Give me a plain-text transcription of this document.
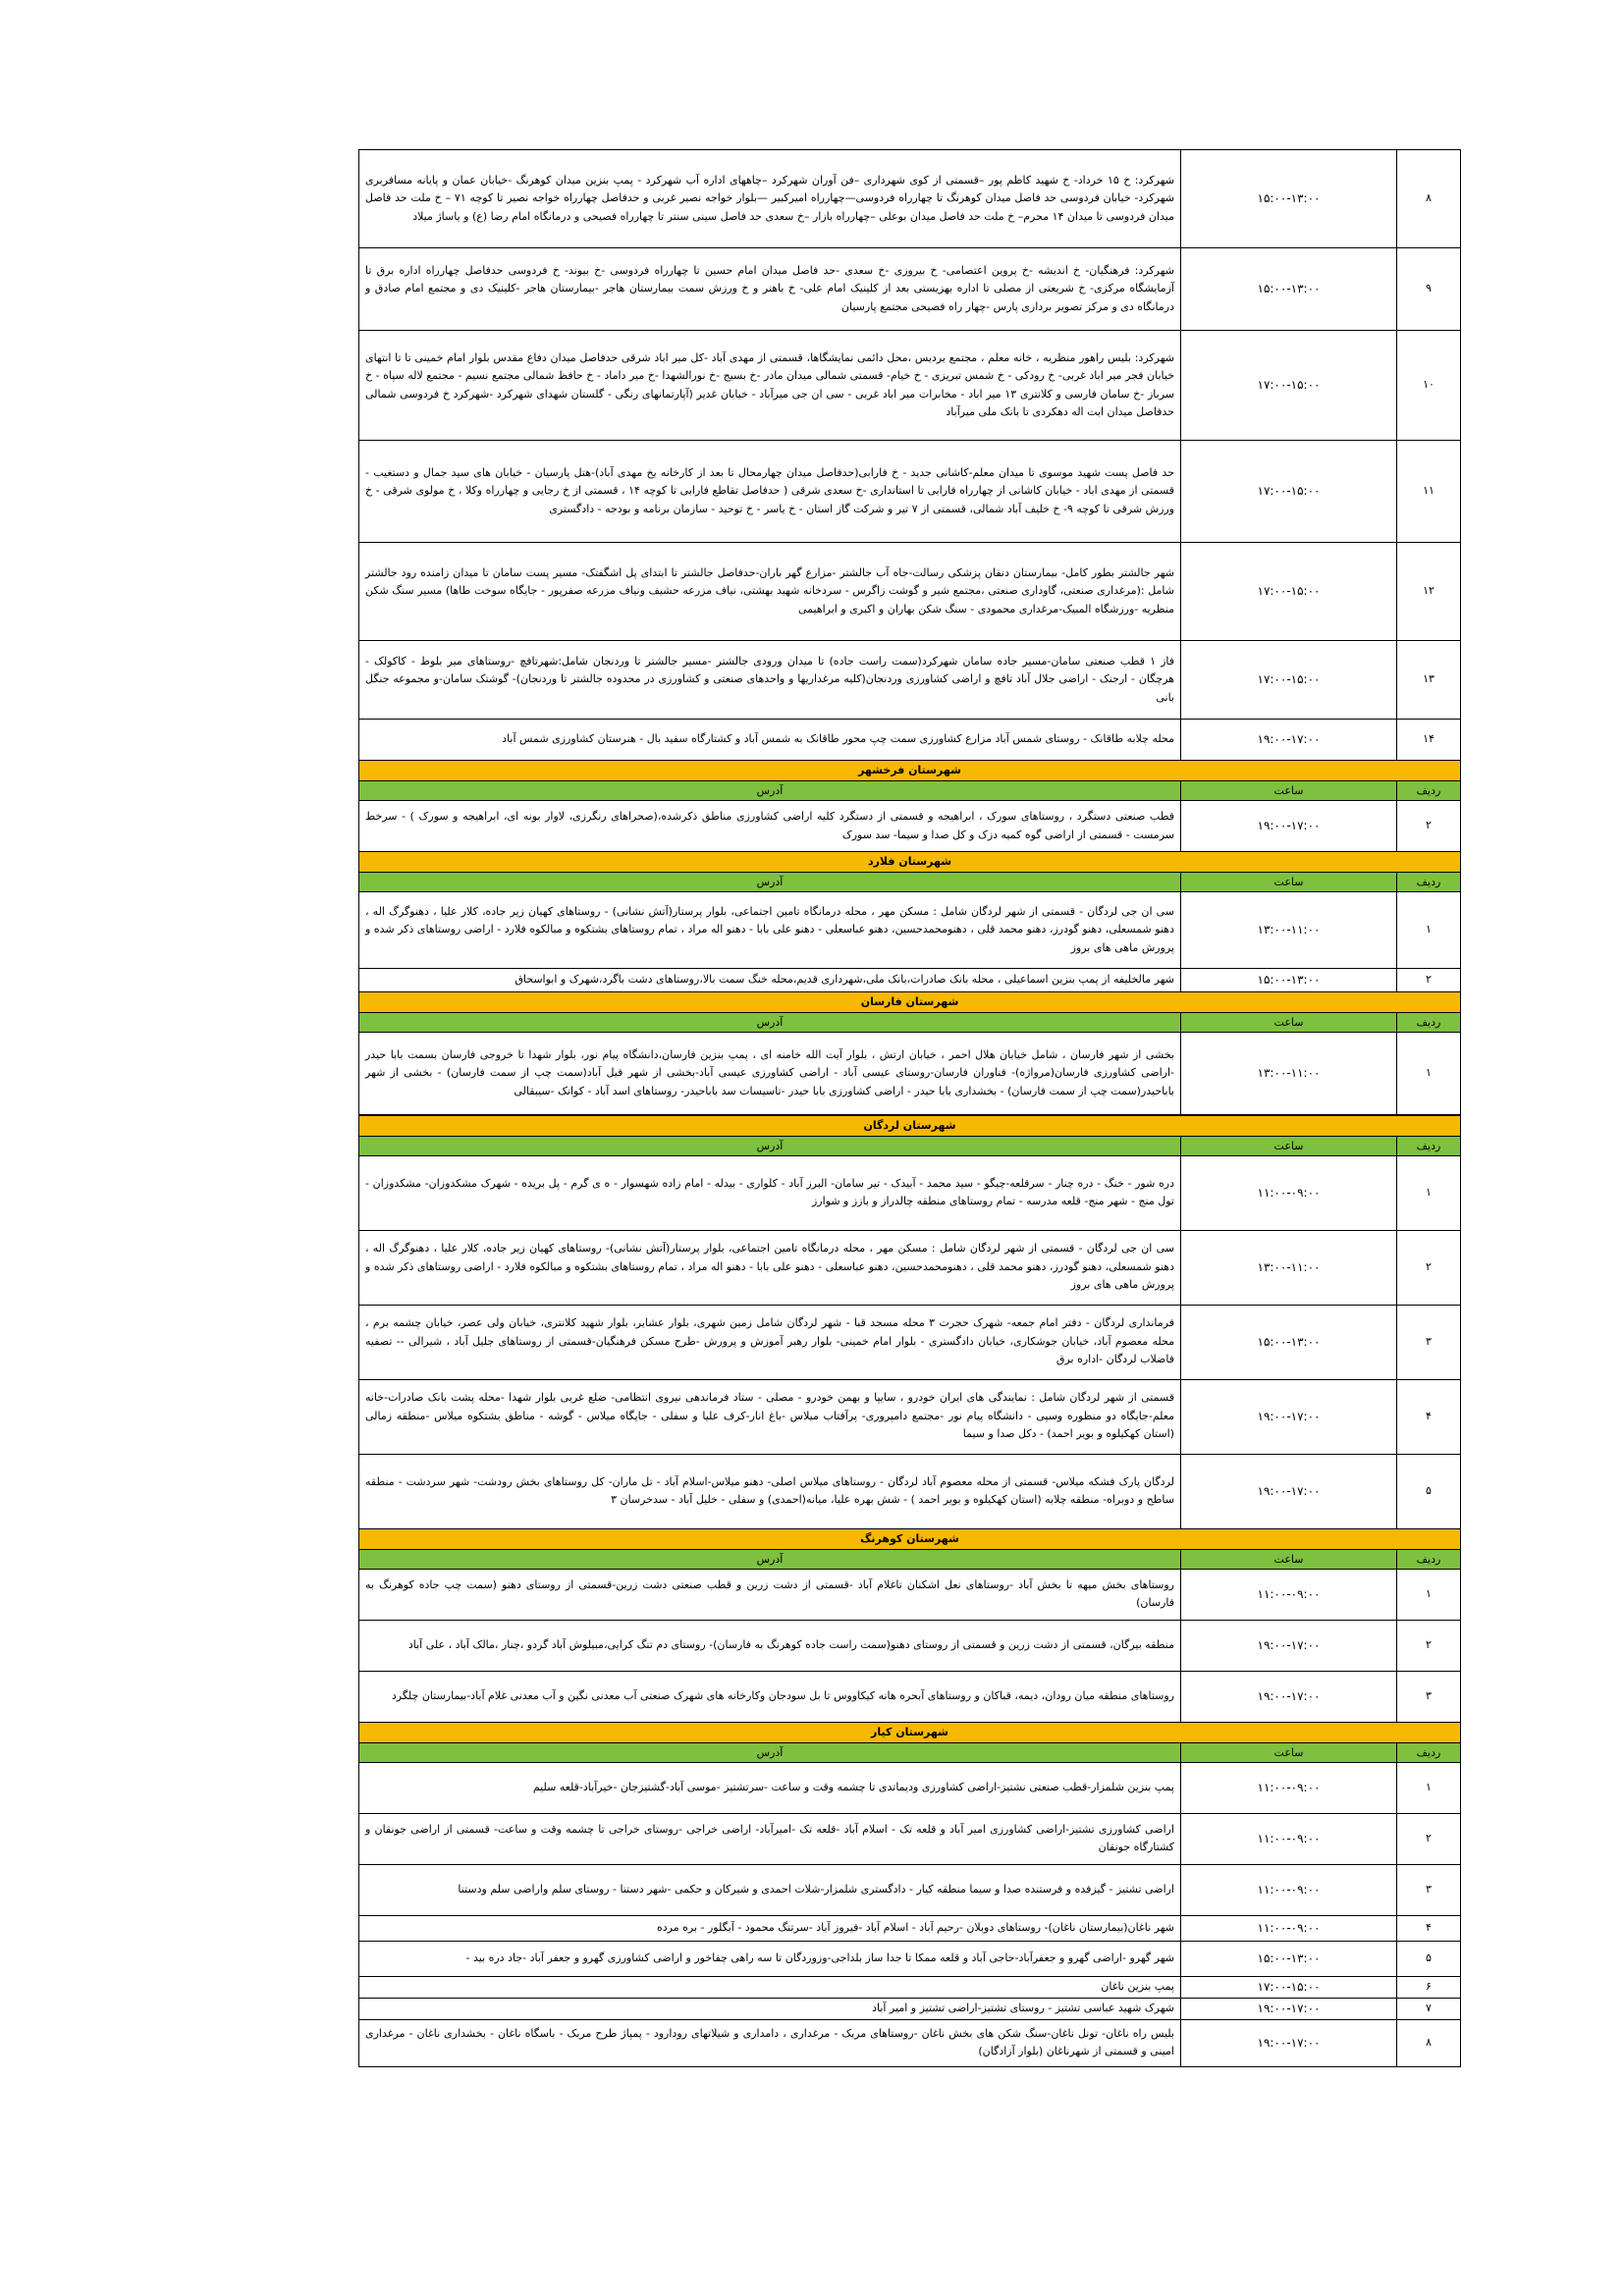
۸	۱۵:۰۰-۱۳:۰۰	شهرکرد: خ ۱۵ خرداد- خ شهید کاظم پور –قسمتی از کوی شهرداری –فن آوران شهرکرد –چاههای اداره آب شهرکرد - پمپ بنزین میدان کوهرنگ -خیابان عمان و پایانه مسافربری شهرکرد- خیابان فردوسی حد فاصل میدان کوهرنگ تا چهارراه فردوسی—چهارراه امیرکبیر —بلوار خواجه نصیر غربی و حدفاصل چهارراه خواجه نصیر تا کوچه ۷۱ – خ ملت حد فاصل میدان فردوسی تا میدان ۱۴ محرم– خ ملت حد فاصل میدان بوعلی –چهارراه بازار –خ سعدی حد فاصل سینی سنتر تا چهارراه فصیحی و درمانگاه امام رضا (ع) و یاساژ میلاد
۹	۱۵:۰۰-۱۳:۰۰	شهرکرد: فرهنگیان- خ اندیشه -خ پروین اعتصامی- خ بیروزی -خ سعدی -حد فاصل میدان امام حسین تا چهارراه فردوسی -خ بیوند- خ فردوسی حدفاصل چهارراه اداره برق تا آزمایشگاه مرکزی- خ شریعتی از مصلی تا اداره بهزیستی بعد از کلینیک امام علی- خ باهنر و خ ورزش سمت بیمارستان هاجر -بیمارستان هاجر -کلینیک دی و مجتمع امام صادق و درمانگاه دی و مرکز تصویر برداری پارس -چهار راه فصیحی مجتمع پارسیان
۱۰	۱۷:۰۰-۱۵:۰۰	شهرکرد: بلیس راهور منظریه ، خانه معلم ، مجتمع بردیس ،محل دائمی نمایشگاها، قسمتی از مهدی آباد -کل میر اباد شرقی حدفاصل میدان دفاع مقدس بلوار امام خمینی تا تا انتهای خیابان فجر میر اباد غربی- خ رودکی - خ شمس تبریزی - خ خیام- قسمتی شمالی میدان مادر -خ بسیج -خ نورالشهدا -خ میر داماد - خ حافظ شمالی مجتمع نسیم - مجتمع لاله سپاه - خ سرباز -خ سامان فارسی و کلانتری ۱۳ میر اباد - مخابرات میر اباد غربی - سی ان جی میرآباد - خیابان غدیر (آپارتمانهای رنگی - گلستان شهدای شهرکرد -شهرکرد خ فردوسی شمالی حدفاصل میدان ابت اله دهکردی تا بانک ملی میرآباد
۱۱	۱۷:۰۰-۱۵:۰۰	حد فاصل پست شهید موسوی تا میدان معلم-کاشانی جدید - خ فارابی(حدفاصل میدان چهارمحال تا بعد از کارخانه یخ مهدی آباد)-هتل پارسیان - خیابان های سید جمال و دستغیب - قسمتی از مهدی اباد - خیابان کاشانی از چهارراه فارابی تا استانداری -خ سعدی شرقی ( حدفاصل تقاطع فارابی تا کوچه ۱۴ ، قسمتی از خ رجایی و چهارراه وکلا ، خ مولوی شرقی - خ ورزش شرقی تا کوچه ۹- خ خلیف آباد شمالی، قسمتی از ۷ تیر و شرکت گاز استان - خ یاسر - خ توحید - سازمان برنامه و بودجه - دادگستری
۱۲	۱۷:۰۰-۱۵:۰۰	شهر جالشتر بطور کامل- بیمارستان دنفان پزشکی رسالت-جاه آب جالشتر -مزارع گهر باران-حدفاصل جالشتر تا ابتدای پل اشگفتک- مسیر پست سامان تا میدان زامنده رود جالشتر شامل :(مرغداری صنعتی، گاوداری صنعتی ،مجتمع شیر و گوشت زاگرس - سردخانه شهید بهشتی، نیاف مزرعه حشیف ونیاف مزرعه صفرپور - جایگاه سوخت طاها) مسیر سنگ شکن منظریه -ورزشگاه المبیک-مرغداری محمودی - سنگ شکن بهاران و اکبری و ابراهیمی
۱۳	۱۷:۰۰-۱۵:۰۰	فاز ۱ قطب صنعتی سامان-مسیر جاده سامان شهرکرد(سمت راست جاده) تا میدان ورودی جالشتر -مسیر جالشتر تا وردنجان شامل:شهرتافچ -روستاهای میر بلوط - کاکولک - هرچگان - ارجنک - اراضی جلال آباد تافچ و اراضی کشاورزی وردنجان(کلیه مرغداریها و واحدهای صنعتی و کشاورزی در محدوده جالشتر تا وردنجان)- گوشتک سامان-و مجموعه جنگل بانی
۱۴	۱۹:۰۰-۱۷:۰۰	محله چلابه طاقانک - روستای شمس آباد مزارع کشاورزی سمت چپ محور طاقانک به شمس آباد و کشتارگاه سفید بال - هنرستان کشاورزی شمس آباد
شهرستان فرخشهر		
ردیف	ساعت	آدرس
۲	۱۹:۰۰-۱۷:۰۰	قطب صنعتی دستگرد ، روستاهای سورک ، ابراهیجه و قسمتی از دستگرد کلیه اراضی کشاورزی مناطق ذکرشده،(صحراهای رنگرزی، لاوار بونه ای، ابراهیجه و سورک ) - سرخط سرمست - قسمتی از اراضی گوه کمیه دزک و کل صدا و سیما- سد سورک
شهرستان فلارد		
ردیف	ساعت	آدرس
۱	۱۳:۰۰-۱۱:۰۰	سی ان جی لردگان - قسمتی از شهر لردگان شامل : مسکن مهر ، محله درمانگاه تامین اجتماعی، بلوار پرستار(آتش نشانی) - روستاهای کهیان زیر جاده، کلار علیا ، دهنوگرگ اله ، دهنو شمسعلی، دهنو گودرز، دهنو محمد قلی ، دهنومحمدحسین، دهنو عباسعلی - دهنو علی بابا - دهنو اله مراد ، تمام روستاهای بشتکوه و مبالکوه فلارد - اراضی روستاهای ذکر شده و پرورش ماهی های بروز
۲	۱۵:۰۰-۱۳:۰۰	شهر مالخلیفه از پمپ بنزین اسماعیلی ، محله بانک صادرات،بانک ملی،شهرداری قدیم،محله خنگ سمت بالا،روستاهای دشت باگرد،شهرک و ابواسحاق
شهرستان فارسان		
ردیف	ساعت	آدرس
۱	۱۳:۰۰-۱۱:۰۰	بخشی از شهر فارسان ، شامل خیابان هلال احمر ، خیابان ارتش ، بلوار آیت الله خامنه ای ، پمپ بنزین فارسان،دانشگاه پیام نور، بلوار شهدا تا خروجی فارسان بسمت بابا حیدر -اراضی کشاورزی فارسان(مرواژه)- فناوران فارسان-روستای عیسی آباد - اراضی کشاورزی عیسی آباد-بخشی از شهر فیل آباد(سمت چپ از سمت فارسان) - بخشی از شهر باباحیدر(سمت چپ از سمت فارسان) - بخشداری بابا حیدر - اراضی کشاورزی بابا حیدر -تاسیسات سد باباحیدر- روستاهای اسد آباد - کوانک -سیبقالی
شهرستان لردگان		
ردیف	ساعت	آدرس
۱	۱۱:۰۰-۰۹:۰۰	دره شور - خنگ - دره چنار - سرقلعه-چیگو - سید محمد - آبیدک - تیر سامان- البرز آباد - کلواری - بیدله - امام زاده شهسوار - ه ی گرم - پل بریده - شهرک مشکدوزان- مشکدوزان - تول منج - شهر منج- قلعه مدرسه - تمام روستاهای منطقه چالدراز و بازز و شوارز
۲	۱۳:۰۰-۱۱:۰۰	سی ان جی لردگان - قسمتی از شهر لردگان شامل : مسکن مهر ، محله درمانگاه تامین اجتماعی، بلوار پرستار(آتش نشانی)- روستاهای کهیان زیر جاده، کلار علیا ، دهنوگرگ اله ، دهنو شمسعلی، دهنو گودرز، دهنو محمد قلی ، دهنومحمدحسین، دهنو عباسعلی - دهنو علی بابا - دهنو اله مراد ، تمام روستاهای بشتکوه و مبالکوه فلارد - اراضی روستاهای ذکر شده و پرورش ماهی های بروز
۳	۱۵:۰۰-۱۳:۰۰	فرمانداری لردگان - دفتر امام جمعه- شهرک حجرت ۳ محله مسجد قبا - شهر لردگان شامل زمین شهری، بلوار عشایر، بلوار شهید کلانتری، خیابان ولی عصر، خیابان چشمه برم ، محله معصوم آباد، خیابان جوشکاری، خیابان دادگستری - بلوار امام خمینی- بلوار رهبر آموزش و پرورش -طرح مسکن فرهنگیان-قسمتی از روستاهای جلیل آباد ، شیرالی -- تصفیه فاضلاب لردگان -اداره برق
۴	۱۹:۰۰-۱۷:۰۰	قسمتی از شهر لردگان شامل : نمایندگی های ایران خودرو ، سایپا و بهمن خودرو - مصلی - ستاد فرماندهی نیروی انتظامی- ضلع غربی بلوار شهدا -محله پشت بانک صادرات-خانه معلم-جایگاه دو منظوره وسپی - دانشگاه پیام نور -مجتمع دامپروری- پرآفتاب میلاس -باغ انار-کرف علیا و سفلی - جایگاه میلاس - گوشه - مناطق بشتکوه میلاس -منطقه زمالی (استان کهکیلوه و بویر احمد) - دکل صدا و سیما
۵	۱۹:۰۰-۱۷:۰۰	لردگان پارک فشکه میلاس- قسمتی از محله معصوم آباد لردگان - روستاهای میلاس اصلی- دهنو میلاس-اسلام آباد - تل ماران- کل روستاهای بخش رودشت- شهر سردشت - منطقه ساطح و دوبراه- منطقه چلابه (استان کهکیلوه و بویر احمد ) - شش بهره علیا، میانه(احمدی) و سفلی - خلیل آباد - سدخرسان ۳
شهرستان کوهرنگ		
ردیف	ساعت	آدرس
۱	۱۱:۰۰-۰۹:۰۰	روستاهای بخش میهه تا بخش آباد -روستاهای نعل اشکنان تاغلام آباد -قسمتی از دشت زرین و قطب صنعتی دشت زرین-قسمتی از روستای دهنو (سمت چپ جاده کوهرنگ به فارسان)
۲	۱۹:۰۰-۱۷:۰۰	منطقه بیرگان، قسمتی از دشت زرین و قسمتی از روستای دهنو(سمت راست جاده کوهرنگ به فارسان)- روستای دم تنگ کرایی،مبیلوش آباد گردو ،چنار ،مالک آباد ، علی آباد
۳	۱۹:۰۰-۱۷:۰۰	روستاهای منطقه میان رودان، دیمه، قباکان و روستاهای آبحره هانه کیکاووس تا بل سودجان وکارخانه های شهرک صنعتی آب معدنی نگین و آب معدنی غلام آباد-بیمارستان چلگرد
شهرستان کیار		
ردیف	ساعت	آدرس
۱	۱۱:۰۰-۰۹:۰۰	پمپ بنزین شلمزار-قطب صنعتی نشتیز-اراضی کشاورزی ودیماتدی تا چشمه وقت و ساعت -سرتشتیز -موسی آباد-گشتیزجان -خیرآباد-قلعه سلیم
۲	۱۱:۰۰-۰۹:۰۰	اراضی کشاورزی تشتیز-اراضی کشاورزی امیر آباد و قلعه تک - اسلام آباد -قلعه تک -امیرآباد- اراضی خراجی -روستای خراجی تا چشمه وقت و ساعت- قسمتی از اراضی جونقان و کشتارگاه جونقان
۳	۱۱:۰۰-۰۹:۰۰	اراضی تشتیز - گیزفده و فرستنده صدا و سیما منطقه کیار - دادگستری شلمزار-شلات احمدی و شیرکان و حکمی -شهر دستنا - روستای سلم واراضی سلم ودستنا
۴	۱۱:۰۰-۰۹:۰۰	شهر ناغان(بیمارستان ناغان)- روستاهای دوبلان -رحیم آباد - اسلام آباد -فیروز آباد -سرتنگ محمود - آبگلور - بره مرده
۵	۱۵:۰۰-۱۳:۰۰	شهر گهرو -اراضی گهرو و جعفرآباد-حاجی آباد و قلعه ممکا تا جدا ساز بلداجی-وزوردگان تا سه راهی چفاخور و اراضی کشاورزی گهرو و جعفر آباد -جاد دره بید -
۶	۱۷:۰۰-۱۵:۰۰	پمپ بنزین ناغان
۷	۱۹:۰۰-۱۷:۰۰	شهرک شهید عباسی تشتیز - روستای تشتیز-اراضی تشتیز و امیر آباد
۸	۱۹:۰۰-۱۷:۰۰	بلیس راه ناغان- تونل ناغان-سنگ شکن های بخش ناغان -روستاهای مربک - مرغداری ، دامداری و شیلاتهای رودارود - پمپاژ طرح مربک - باسگاه ناغان - بخشداری ناغان - مرغداری امینی و قسمتی از شهرناغان (بلوار آزادگان)
